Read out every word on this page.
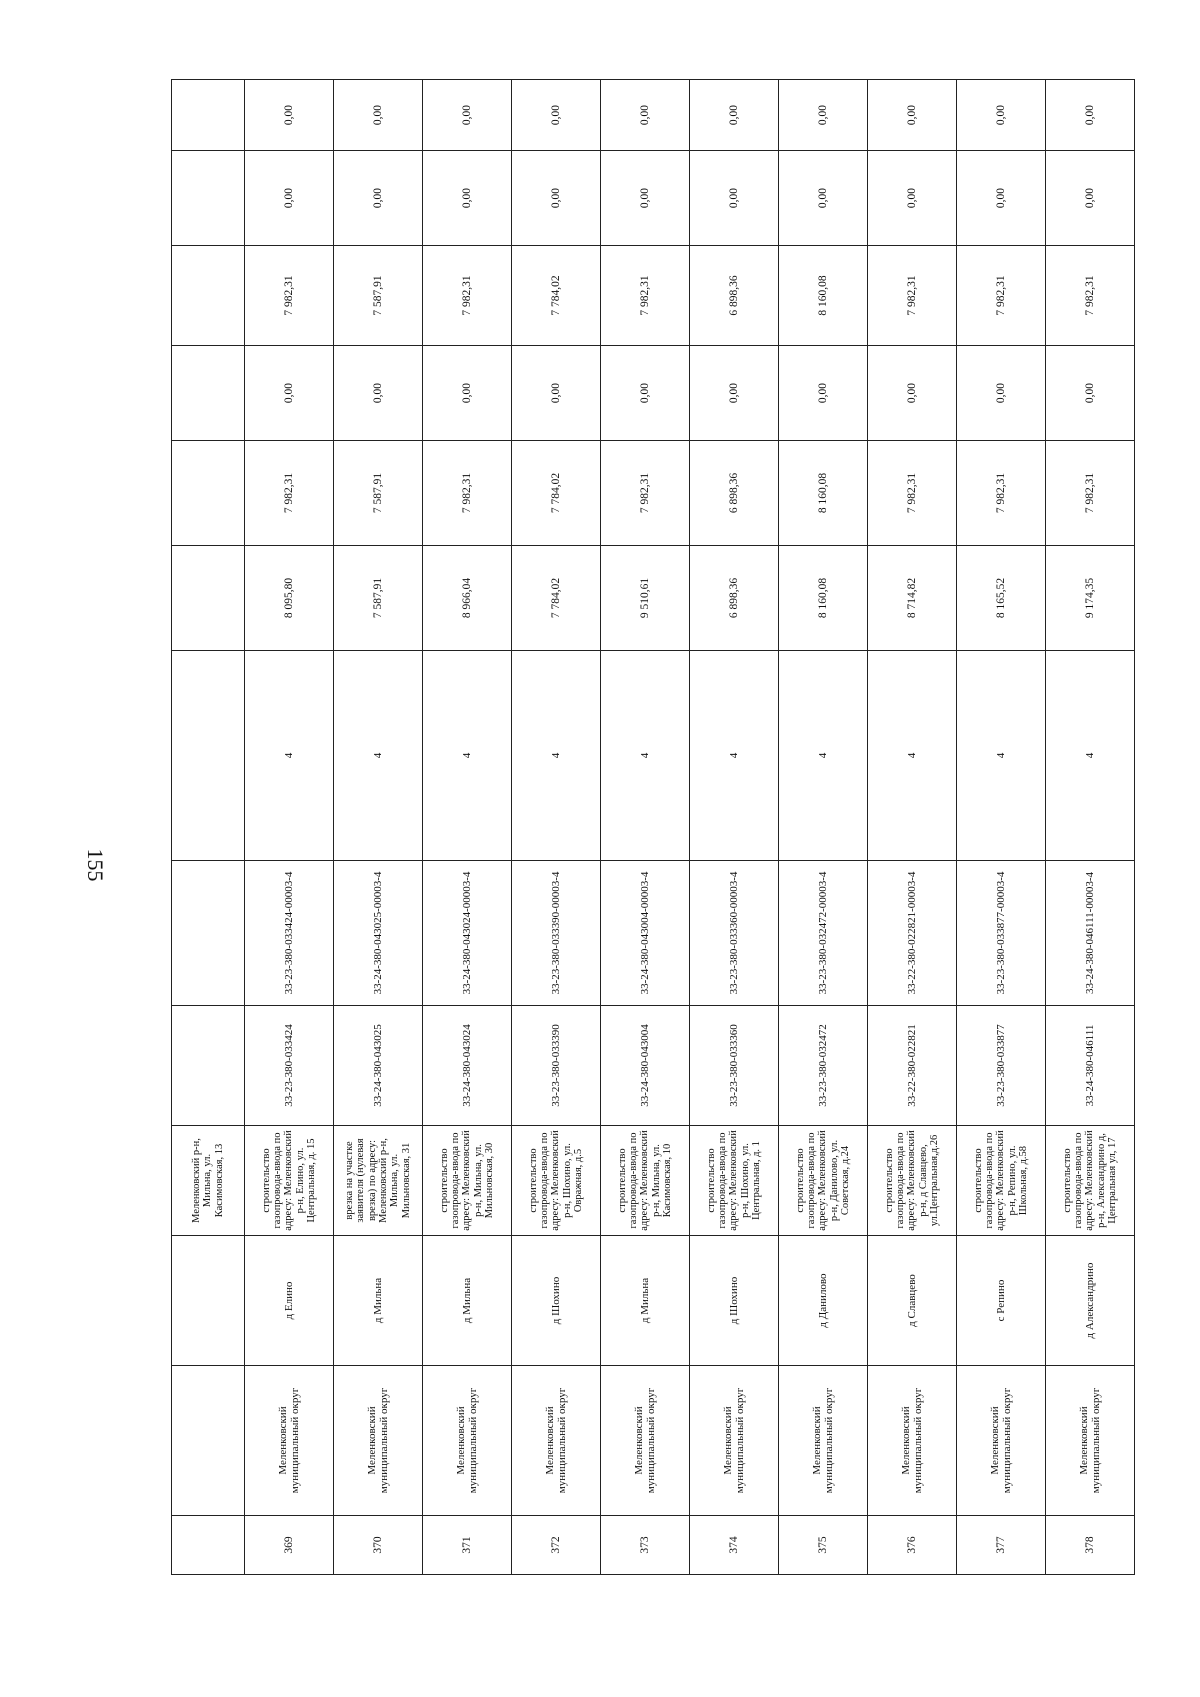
155
			Меленковский р-н, Мильна, ул. Касимовская, 13									
369	Меленковский муниципальный округ	д Елино	строительство газопровода-ввода по адресу: Меленковский р-н, Елино, ул. Центральная, д. 15	33-23-380-033424	33-23-380-033424-00003-4	4	8 095,80	7 982,31	0,00	7 982,31	0,00	0,00
370	Меленковский муниципальный округ	д Мильна	врезка на участке заявителя (нулевая врезка) по адресу: Меленковский р-н, Мильна, ул. Мильновская, 31	33-24-380-043025	33-24-380-043025-00003-4	4	7 587,91	7 587,91	0,00	7 587,91	0,00	0,00
371	Меленковский муниципальный округ	д Мильна	строительство газопровода-ввода по адресу: Меленковский р-н, Мильна, ул. Мильновская, 30	33-24-380-043024	33-24-380-043024-00003-4	4	8 966,04	7 982,31	0,00	7 982,31	0,00	0,00
372	Меленковский муниципальный округ	д Шохино	строительство газопровода-ввода по адресу: Меленковский р-н, Шохино, ул. Овражная, д.5	33-23-380-033390	33-23-380-033390-00003-4	4	7 784,02	7 784,02	0,00	7 784,02	0,00	0,00
373	Меленковский муниципальный округ	д Мильна	строительство газопровода-ввода по адресу: Меленковский р-н, Мильна, ул. Касимовская, 10	33-24-380-043004	33-24-380-043004-00003-4	4	9 510,61	7 982,31	0,00	7 982,31	0,00	0,00
374	Меленковский муниципальный округ	д Шохино	строительство газопровода-ввода по адресу: Меленковский р-н, Шохино, ул. Центральная, д. 1	33-23-380-033360	33-23-380-033360-00003-4	4	6 898,36	6 898,36	0,00	6 898,36	0,00	0,00
375	Меленковский муниципальный округ	д Данилово	строительство газопровода-ввода по адресу: Меленковский р-н, Данилово, ул. Советская, д.24	33-23-380-032472	33-23-380-032472-00003-4	4	8 160,08	8 160,08	0,00	8 160,08	0,00	0,00
376	Меленковский муниципальный округ	д Славцево	строительство газопровода-ввода по адресу: Меленковский р-н, д Славцево, ул.Центральная,д.26	33-22-380-022821	33-22-380-022821-00003-4	4	8 714,82	7 982,31	0,00	7 982,31	0,00	0,00
377	Меленковский муниципальный округ	с Репино	строительство газопровода-ввода по адресу: Меленковский р-н, Репино, ул. Школьная, д.58	33-23-380-033877	33-23-380-033877-00003-4	4	8 165,52	7 982,31	0,00	7 982,31	0,00	0,00
378	Меленковский муниципальный округ	д Александрино	строительство газопровода-ввода по адресу: Меленковский р-н, Александрино д, Центральная ул, 17	33-24-380-046111	33-24-380-046111-00003-4	4	9 174,35	7 982,31	0,00	7 982,31	0,00	0,00
